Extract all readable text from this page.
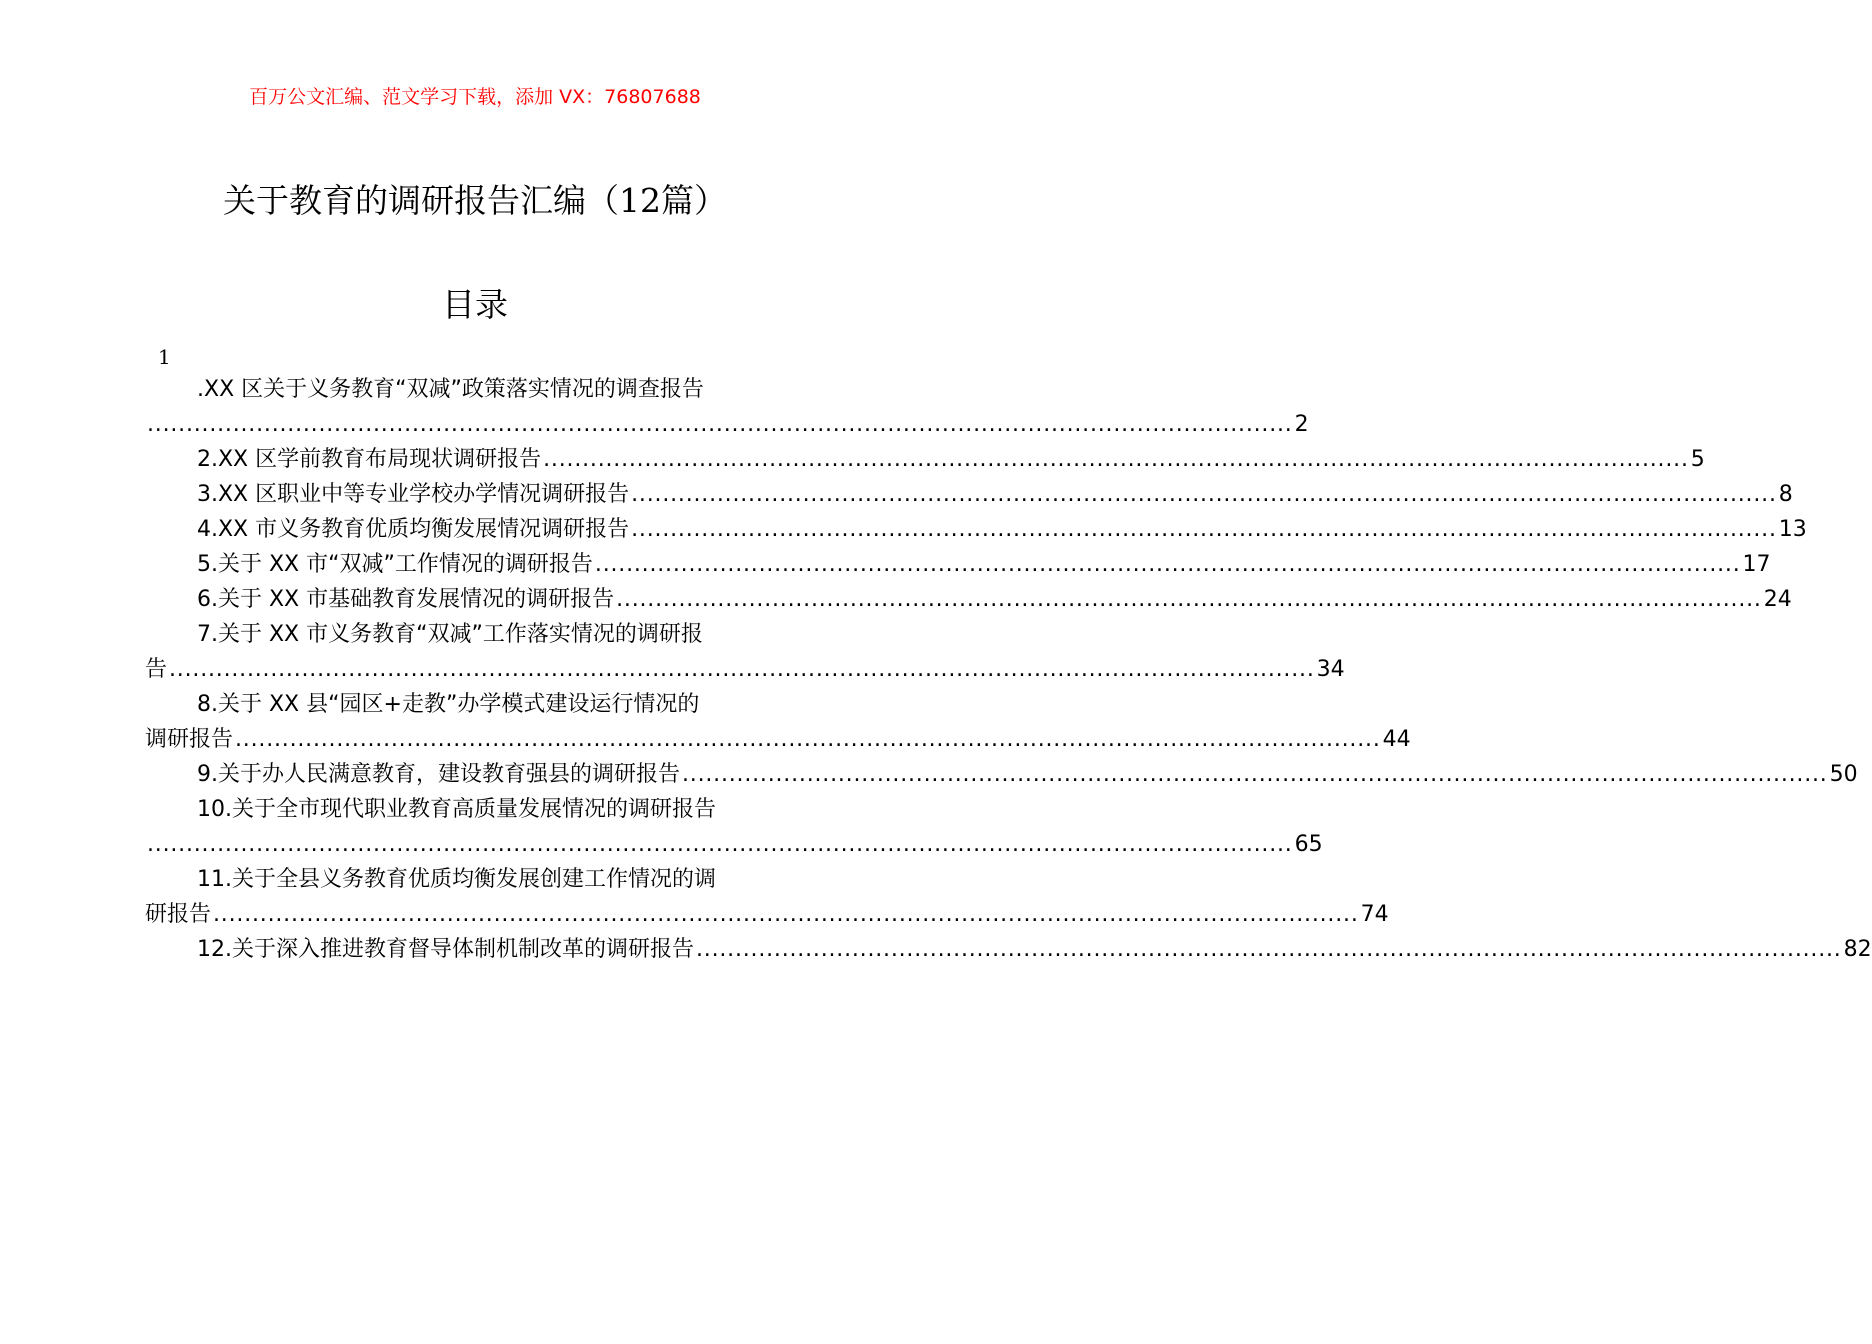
百万公文汇编、范文学习下载，添加 VX：76807688
关于教育的调研报告汇编（12篇）
目录
1
.XX 区关于义务教育“双减”政策落实情况的调查报告
................................................................................................................................................... 2
2.XX 区学前教育布局现状调研报告 ................................................................................................................................................... 5
3.XX 区职业中等专业学校办学情况调研报告 ................................................................................................................................................... 8
4.XX 市义务教育优质均衡发展情况调研报告 ................................................................................................................................................... 13
5.关于 XX 市“双减”工作情况的调研报告 ................................................................................................................................................... 17
6.关于 XX 市基础教育发展情况的调研报告 ................................................................................................................................................... 24
7.关于 XX 市义务教育“双减”工作落实情况的调研报
告 ................................................................................................................................................... 34
8.关于 XX 县“园区+走教”办学模式建设运行情况的
调研报告 ................................................................................................................................................... 44
9.关于办人民满意教育，建设教育强县的调研报告 ................................................................................................................................................... 50
10.关于全市现代职业教育高质量发展情况的调研报告
................................................................................................................................................... 65
11.关于全县义务教育优质均衡发展创建工作情况的调
研报告 ................................................................................................................................................... 74
12.关于深入推进教育督导体制机制改革的调研报告 ................................................................................................................................................... 82
